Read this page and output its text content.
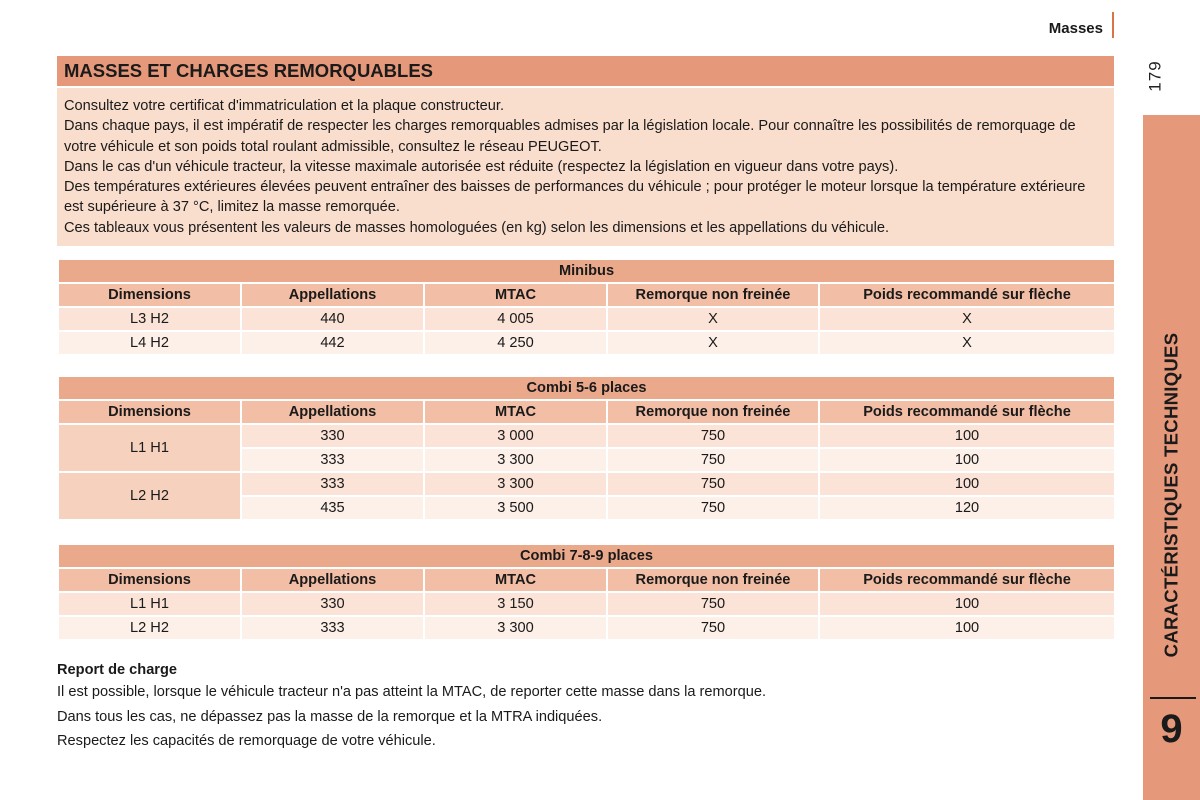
Masses
179
CARACTÉRISTIQUES TECHNIQUES
9
MASSES ET CHARGES REMORQUABLES

Consultez votre certificat d'immatriculation et la plaque constructeur.

Dans chaque pays, il est impératif de respecter les charges remorquables admises par la législation locale. Pour connaître les possibilités de remorquage de votre véhicule et son poids total roulant admissible, consultez le réseau PEUGEOT.

Dans le cas d'un véhicule tracteur, la vitesse maximale autorisée est réduite (respectez la législation en vigueur dans votre pays).

Des températures extérieures élevées peuvent entraîner des baisses de performances du véhicule ; pour protéger le moteur lorsque la température extérieure est supérieure à 37 °C, limitez la masse remorquée.

Ces tableaux vous présentent les valeurs de masses homologuées (en kg) selon les dimensions et les appellations du véhicule.

Minibus				
Dimensions	Appellations	MTAC	Remorque non freinée	Poids recommandé sur flèche
L3 H2	440	4 005	X	X
L4 H2	442	4 250	X	X
Combi 5-6 places				
Dimensions	Appellations	MTAC	Remorque non freinée	Poids recommandé sur flèche
L1 H1	330	3 000	750	100
	333	3 300	750	100
L2 H2	333	3 300	750	100
	435	3 500	750	120
Combi 7-8-9 places				
Dimensions	Appellations	MTAC	Remorque non freinée	Poids recommandé sur flèche
L1 H1	330	3 150	750	100
L2 H2	333	3 300	750	100
Report de charge

Il est possible, lorsque le véhicule tracteur n'a pas atteint la MTAC, de reporter cette masse dans la remorque.

Dans tous les cas, ne dépassez pas la masse de la remorque et la MTRA indiquées.

Respectez les capacités de remorquage de votre véhicule.
